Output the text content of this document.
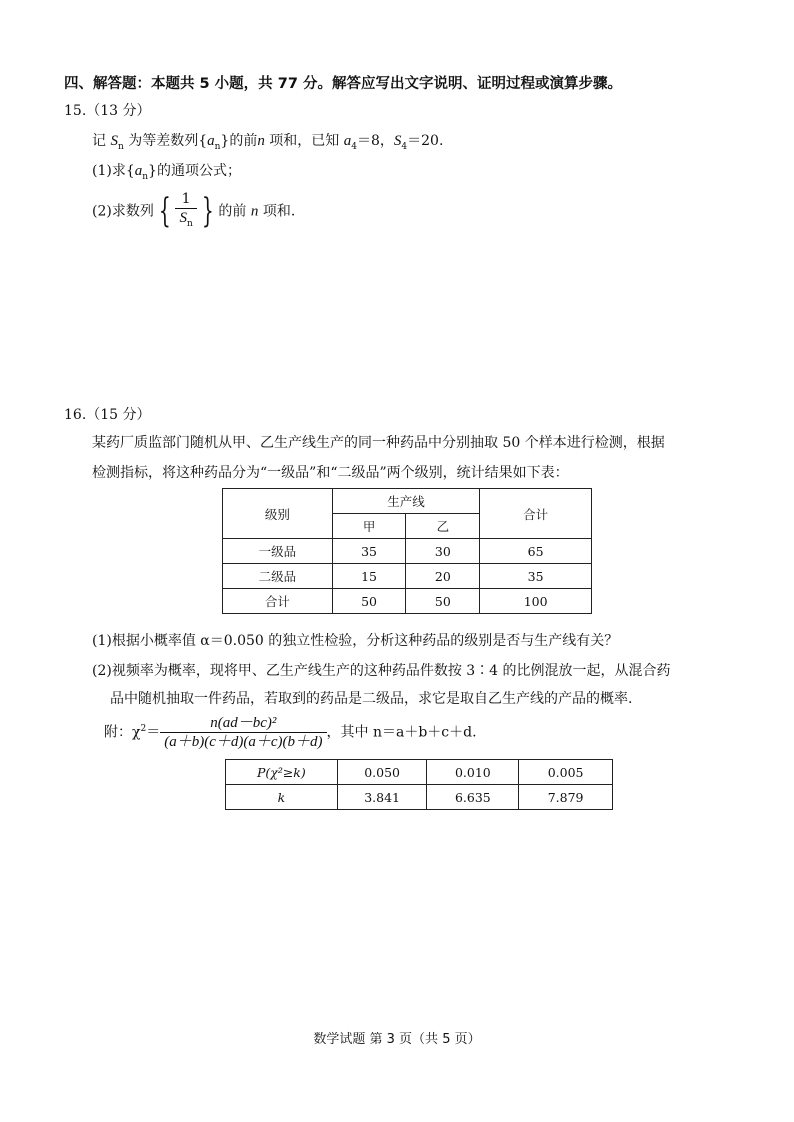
四、解答题：本题共 5 小题，共 77 分。解答应写出文字说明、证明过程或演算步骤。
15.（13 分）
记 $S_n$ 为等差数列$\{a_n\}$的前n 项和，已知 $a_4=8$，$S_4=20$.
(1)求$\{a_n\}$的通项公式；
(2)求数列 { $\frac{1}{S_n}$ } 的前 n 项和.
16.（15 分）
某药厂质监部门随机从甲、乙生产线生产的同一种药品中分别抽取 50 个样本进行检测，根据
检测指标，将这种药品分为“一级品”和“二级品”两个级别，统计结果如下表：
级别	生产线		合计
	甲	乙	
一级品	35	30	65
二级品	15	20	35
合计	50	50	100
(1)根据小概率值 α＝0.050 的独立性检验，分析这种药品的级别是否与生产线有关？
(2)视频率为概率，现将甲、乙生产线生产的这种药品件数按 3∶4 的比例混放一起，从混合药
品中随机抽取一件药品，若取到的药品是二级品，求它是取自乙生产线的产品的概率.
附：$\chi^2= \frac{\text{n(ad－bc)²}}{(a+b)(c+d)(a+c)(b+d)}$ ，其中 n＝a＋b＋c＋d.
P(χ²≥k)	0.050	0.010	0.005
k	3.841	6.635	7.879
数学试题 第 3 页（共 5 页）
